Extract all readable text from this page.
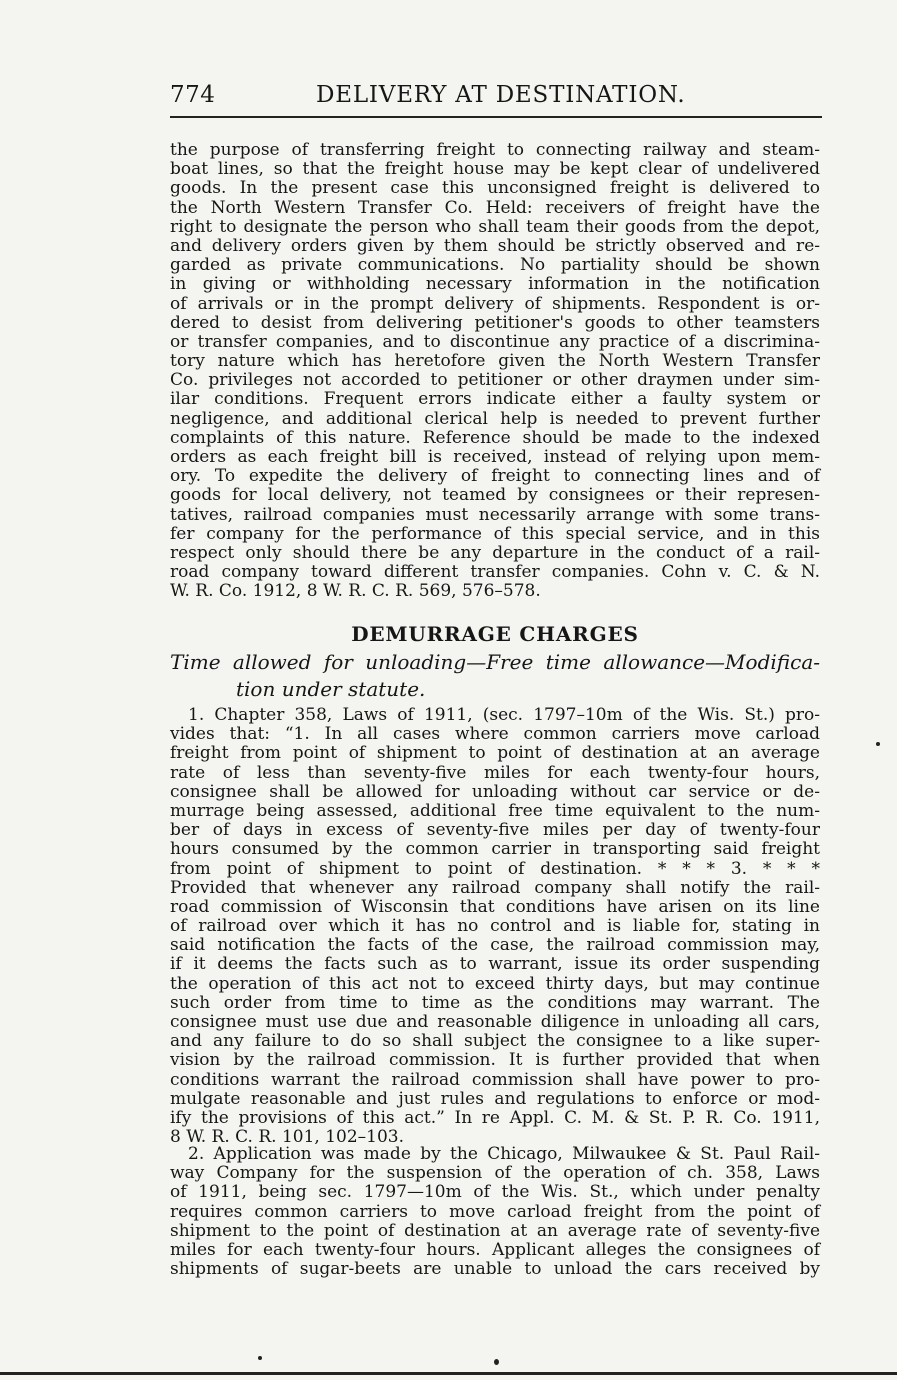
774	DELIVERY AT DESTINATION.
the purpose of transferring freight to connecting railway and steam-
boat lines, so that the freight house may be kept clear of undelivered
goods. In the present case this unconsigned freight is delivered to
the North Western Transfer Co. Held: receivers of freight have the
right to designate the person who shall team their goods from the depot,
and delivery orders given by them should be strictly observed and re-
garded as private communications. No partiality should be shown
in giving or withholding necessary information in the notification
of arrivals or in the prompt delivery of shipments. Respondent is or-
dered to desist from delivering petitioner's goods to other teamsters
or transfer companies, and to discontinue any practice of a discrimina-
tory nature which has heretofore given the North Western Transfer
Co. privileges not accorded to petitioner or other draymen under sim-
ilar conditions. Frequent errors indicate either a faulty system or
negligence, and additional clerical help is needed to prevent further
complaints of this nature. Reference should be made to the indexed
orders as each freight bill is received, instead of relying upon mem-
ory. To expedite the delivery of freight to connecting lines and of
goods for local delivery, not teamed by consignees or their represen-
tatives, railroad companies must necessarily arrange with some trans-
fer company for the performance of this special service, and in this
respect only should there be any departure in the conduct of a rail-
road company toward different transfer companies. Cohn v. C. & N.
W. R. Co. 1912, 8 W. R. C. R. 569, 576–578.
DEMURRAGE CHARGES
Time allowed for unloading—Free time allowance—Modifica-
tion under statute.
1. Chapter 358, Laws of 1911, (sec. 1797–10m of the Wis. St.) pro-
vides that: “1. In all cases where common carriers move carload
freight from point of shipment to point of destination at an average
rate of less than seventy-five miles for each twenty-four hours,
consignee shall be allowed for unloading without car service or de-
murrage being assessed, additional free time equivalent to the num-
ber of days in excess of seventy-five miles per day of twenty-four
hours consumed by the common carrier in transporting said freight
from point of shipment to point of destination. * * * 3. * * *
Provided that whenever any railroad company shall notify the rail-
road commission of Wisconsin that conditions have arisen on its line
of railroad over which it has no control and is liable for, stating in
said notification the facts of the case, the railroad commission may,
if it deems the facts such as to warrant, issue its order suspending
the operation of this act not to exceed thirty days, but may continue
such order from time to time as the conditions may warrant. The
consignee must use due and reasonable diligence in unloading all cars,
and any failure to do so shall subject the consignee to a like super-
vision by the railroad commission. It is further provided that when
conditions warrant the railroad commission shall have power to pro-
mulgate reasonable and just rules and regulations to enforce or mod-
ify the provisions of this act.” In re Appl. C. M. & St. P. R. Co. 1911,
8 W. R. C. R. 101, 102–103.
2. Application was made by the Chicago, Milwaukee & St. Paul Rail-
way Company for the suspension of the operation of ch. 358, Laws
of 1911, being sec. 1797—10m of the Wis. St., which under penalty
requires common carriers to move carload freight from the point of
shipment to the point of destination at an average rate of seventy-five
miles for each twenty-four hours. Applicant alleges the consignees of
shipments of sugar-beets are unable to unload the cars received by
